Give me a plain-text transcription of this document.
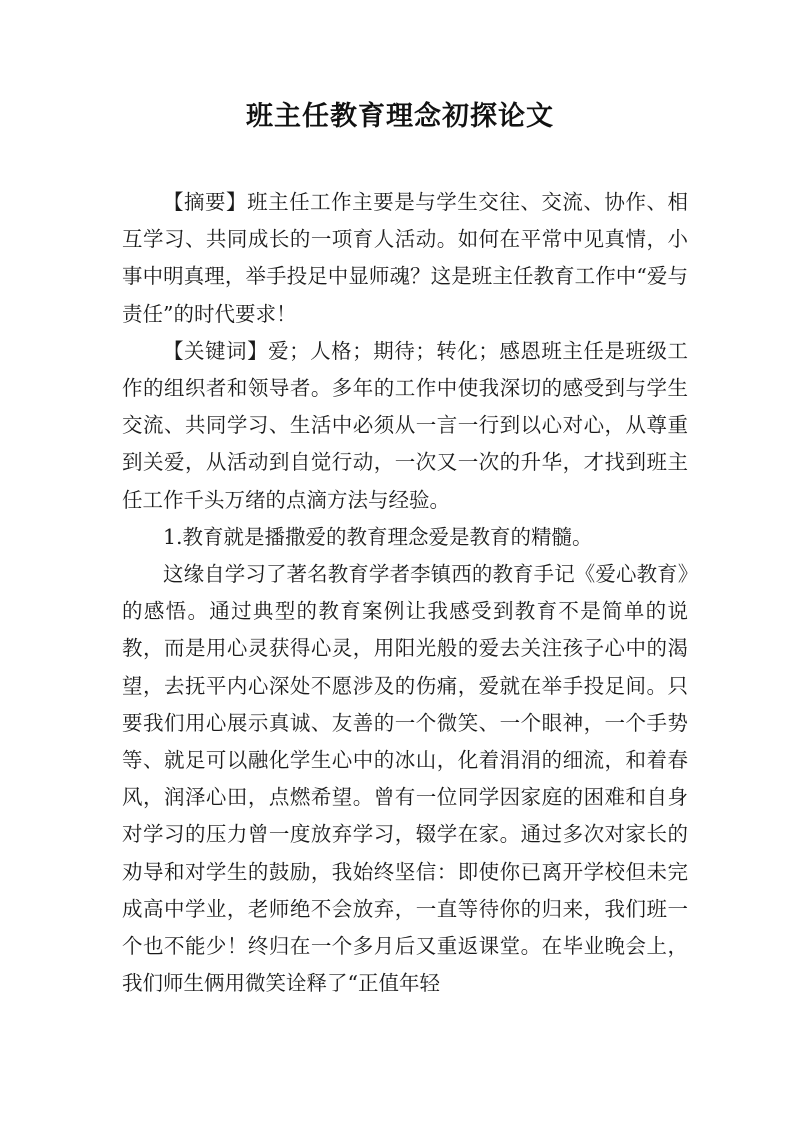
班主任教育理念初探论文

【摘要】班主任工作主要是与学生交往、交流、协作、相互学习、共同成长的一项育人活动。如何在平常中见真情，小事中明真理，举手投足中显师魂？这是班主任教育工作中“爱与责任”的时代要求！

【关键词】爱；人格；期待；转化；感恩班主任是班级工作的组织者和领导者。多年的工作中使我深切的感受到与学生交流、共同学习、生活中必须从一言一行到以心对心，从尊重到关爱，从活动到自觉行动，一次又一次的升华，才找到班主任工作千头万绪的点滴方法与经验。

1.教育就是播撒爱的教育理念爱是教育的精髓。

这缘自学习了著名教育学者李镇西的教育手记《爱心教育》的感悟。通过典型的教育案例让我感受到教育不是简单的说教，而是用心灵获得心灵，用阳光般的爱去关注孩子心中的渴望，去抚平内心深处不愿涉及的伤痛，爱就在举手投足间。只要我们用心展示真诚、友善的一个微笑、一个眼神，一个手势等、就足可以融化学生心中的冰山，化着涓涓的细流，和着春风，润泽心田，点燃希望。曾有一位同学因家庭的困难和自身对学习的压力曾一度放弃学习，辍学在家。通过多次对家长的劝导和对学生的鼓励，我始终坚信：即使你已离开学校但未完成高中学业，老师绝不会放弃，一直等待你的归来，我们班一个也不能少！终归在一个多月后又重返课堂。在毕业晚会上，我们师生俩用微笑诠释了“正值年轻
